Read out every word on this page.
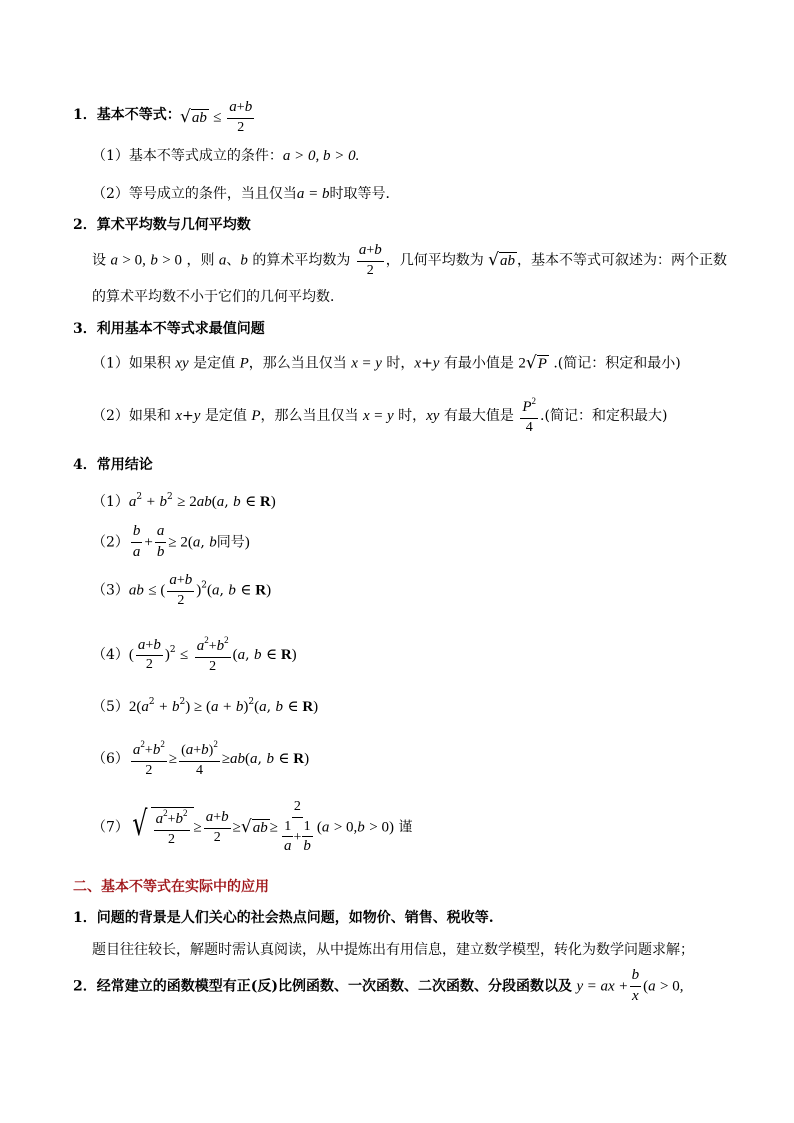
1．基本不等式： √ ab ≤ $\frac{a+b}{2}$
（1）基本不等式成立的条件：a > 0, b > 0.
（2）等号成立的条件，当且仅当a = b时取等号．
2．算术平均数与几何平均数
设 a > 0, b > 0 ，则 a、b 的算术平均数为 $\frac{a+b}{2}$ ，几何平均数为 √ ab ，基本不等式可叙述为：两个正数
的算术平均数不小于它们的几何平均数．
3．利用基本不等式求最值问题
（1）如果积 xy 是定值 P，那么当且仅当 x = y 时，x+y 有最小值是 2 √ P .(简记：积定和最小)
（2）如果和 x+y 是定值 P，那么当且仅当 x = y 时，xy 有最大值是 $\frac{P^2}{4}$ .(简记：和定积最大)
4．常用结论
$(1)a^2 + b^2 \ge 2ab(a$, b ∈ R)
$(2) \frac{b}{a} + \frac{a}{b} \ge 2(a$, b同号)
（3）ab ≤ ( $\frac{a+b}{2} )^2(a$, b ∈ R)
$(4)( \frac{a+b}{2} )^2 \le \frac{a^2+b^2}{2} (a$, b ∈ R)
$(5)2(a^2 + b^2) \ge (a + b)^2(a$, b ∈ R)
$(6) \frac{a^2+b^2}{2} \ge \frac{(a+b)^2}{4} \ge ab(a$, b ∈ R)
（7） √ $\frac{a^2+b^2}{2} \ge \frac{a+b}{2}$ ≥ √ ab ≥ $\frac{2}{\frac{1}{a} + \frac{1}{b}} (a > 0,b > 0)$ 谨
二、基本不等式在实际中的应用
1．问题的背景是人们关心的社会热点问题，如物价、销售、税收等.
题目往往较长，解题时需认真阅读，从中提炼出有用信息，建立数学模型，转化为数学问题求解；
2．经常建立的函数模型有正(反)比例函数、一次函数、二次函数、分段函数以及 y = ax + $\frac{b}{x} (a > 0$,
